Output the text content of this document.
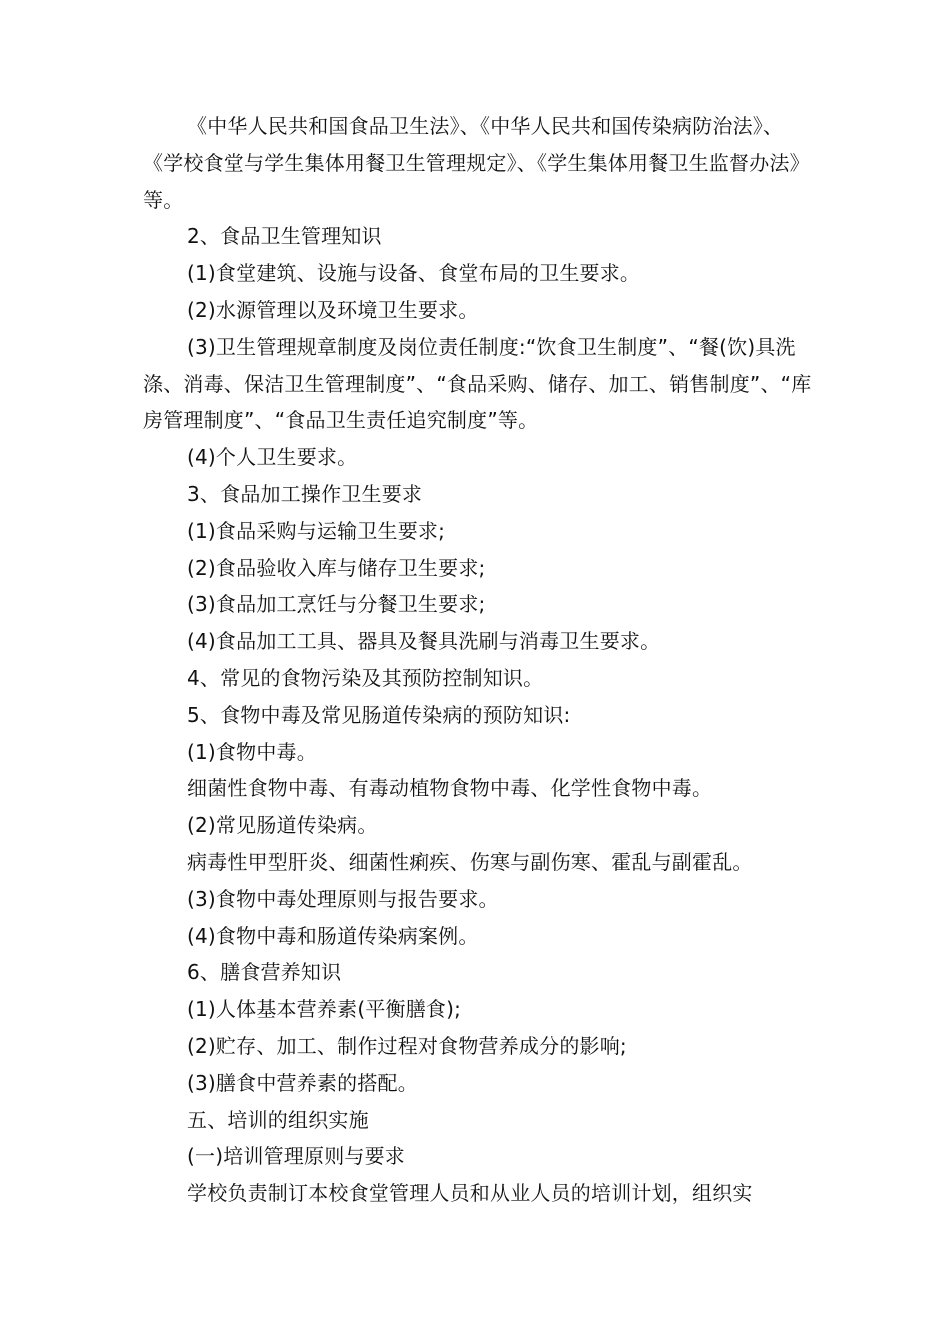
《中华人民共和国食品卫生法》、《中华人民共和国传染病防治法》、《学校食堂与学生集体用餐卫生管理规定》、《学生集体用餐卫生监督办法》等。

2、食品卫生管理知识

(1)食堂建筑、设施与设备、食堂布局的卫生要求。

(2)水源管理以及环境卫生要求。

(3)卫生管理规章制度及岗位责任制度:“饮食卫生制度”、“餐(饮)具洗涤、消毒、保洁卫生管理制度”、“食品采购、储存、加工、销售制度”、“库房管理制度”、“食品卫生责任追究制度”等。

(4)个人卫生要求。

3、食品加工操作卫生要求

(1)食品采购与运输卫生要求;

(2)食品验收入库与储存卫生要求;

(3)食品加工烹饪与分餐卫生要求;

(4)食品加工工具、器具及餐具洗刷与消毒卫生要求。

4、常见的食物污染及其预防控制知识。

5、食物中毒及常见肠道传染病的预防知识:

(1)食物中毒。

细菌性食物中毒、有毒动植物食物中毒、化学性食物中毒。

(2)常见肠道传染病。

病毒性甲型肝炎、细菌性痢疾、伤寒与副伤寒、霍乱与副霍乱。

(3)食物中毒处理原则与报告要求。

(4)食物中毒和肠道传染病案例。

6、膳食营养知识

(1)人体基本营养素(平衡膳食);

(2)贮存、加工、制作过程对食物营养成分的影响;

(3)膳食中营养素的搭配。

五、培训的组织实施

(一)培训管理原则与要求

学校负责制订本校食堂管理人员和从业人员的培训计划，组织实
